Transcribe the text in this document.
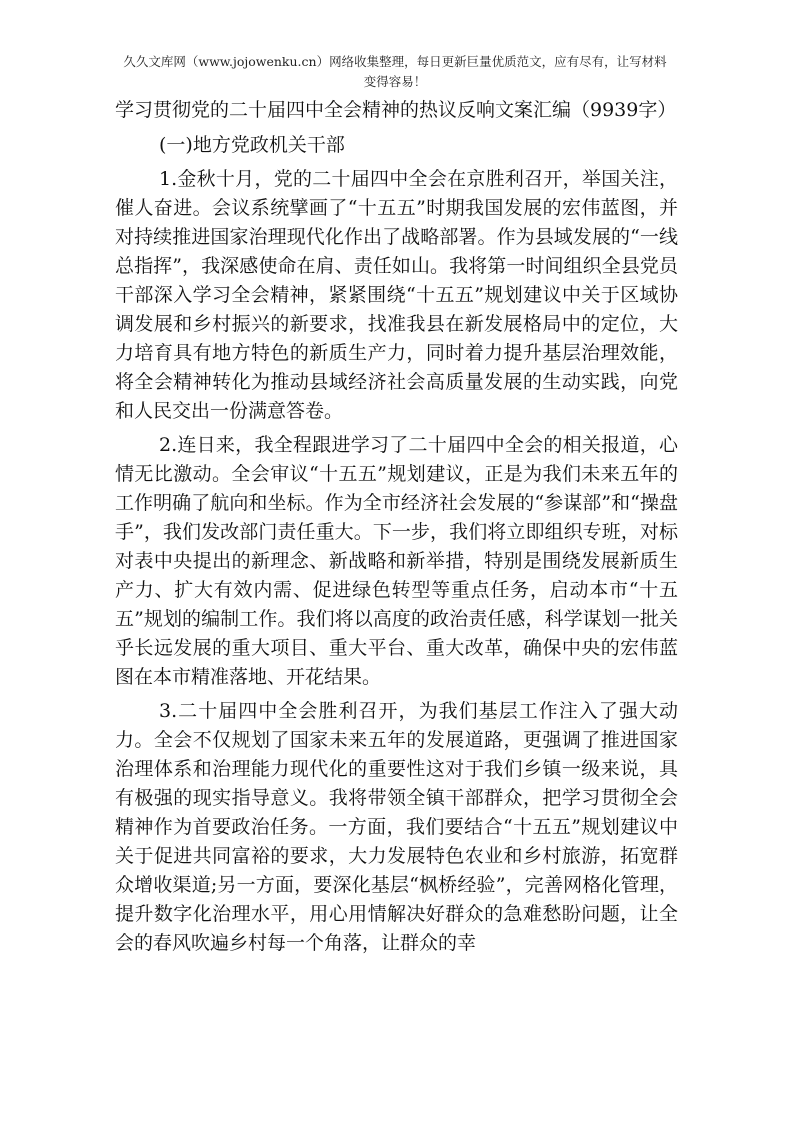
久久文库网（www.jojowenku.cn）网络收集整理，每日更新巨量优质范文，应有尽有，让写材料
变得容易！
学习贯彻党的二十届四中全会精神的热议反响文案汇编（9939字）

(一)地方党政机关干部

1.金秋十月，党的二十届四中全会在京胜利召开，举国关注，催人奋进。会议系统擘画了“十五五”时期我国发展的宏伟蓝图，并对持续推进国家治理现代化作出了战略部署。作为县域发展的“一线总指挥”，我深感使命在肩、责任如山。我将第一时间组织全县党员干部深入学习全会精神，紧紧围绕“十五五”规划建议中关于区域协调发展和乡村振兴的新要求，找准我县在新发展格局中的定位，大力培育具有地方特色的新质生产力，同时着力提升基层治理效能，将全会精神转化为推动县域经济社会高质量发展的生动实践，向党和人民交出一份满意答卷。

2.连日来，我全程跟进学习了二十届四中全会的相关报道，心情无比激动。全会审议“十五五”规划建议，正是为我们未来五年的工作明确了航向和坐标。作为全市经济社会发展的“参谋部”和“操盘手”，我们发改部门责任重大。下一步，我们将立即组织专班，对标对表中央提出的新理念、新战略和新举措，特别是围绕发展新质生产力、扩大有效内需、促进绿色转型等重点任务，启动本市“十五五”规划的编制工作。我们将以高度的政治责任感，科学谋划一批关乎长远发展的重大项目、重大平台、重大改革，确保中央的宏伟蓝图在本市精准落地、开花结果。

3.二十届四中全会胜利召开，为我们基层工作注入了强大动力。全会不仅规划了国家未来五年的发展道路，更强调了推进国家治理体系和治理能力现代化的重要性这对于我们乡镇一级来说，具有极强的现实指导意义。我将带领全镇干部群众，把学习贯彻全会精神作为首要政治任务。一方面，我们要结合“十五五”规划建议中关于促进共同富裕的要求，大力发展特色农业和乡村旅游，拓宽群众增收渠道;另一方面，要深化基层“枫桥经验”，完善网格化管理，提升数字化治理水平，用心用情解决好群众的急难愁盼问题，让全会的春风吹遍乡村每一个角落，让群众的幸
